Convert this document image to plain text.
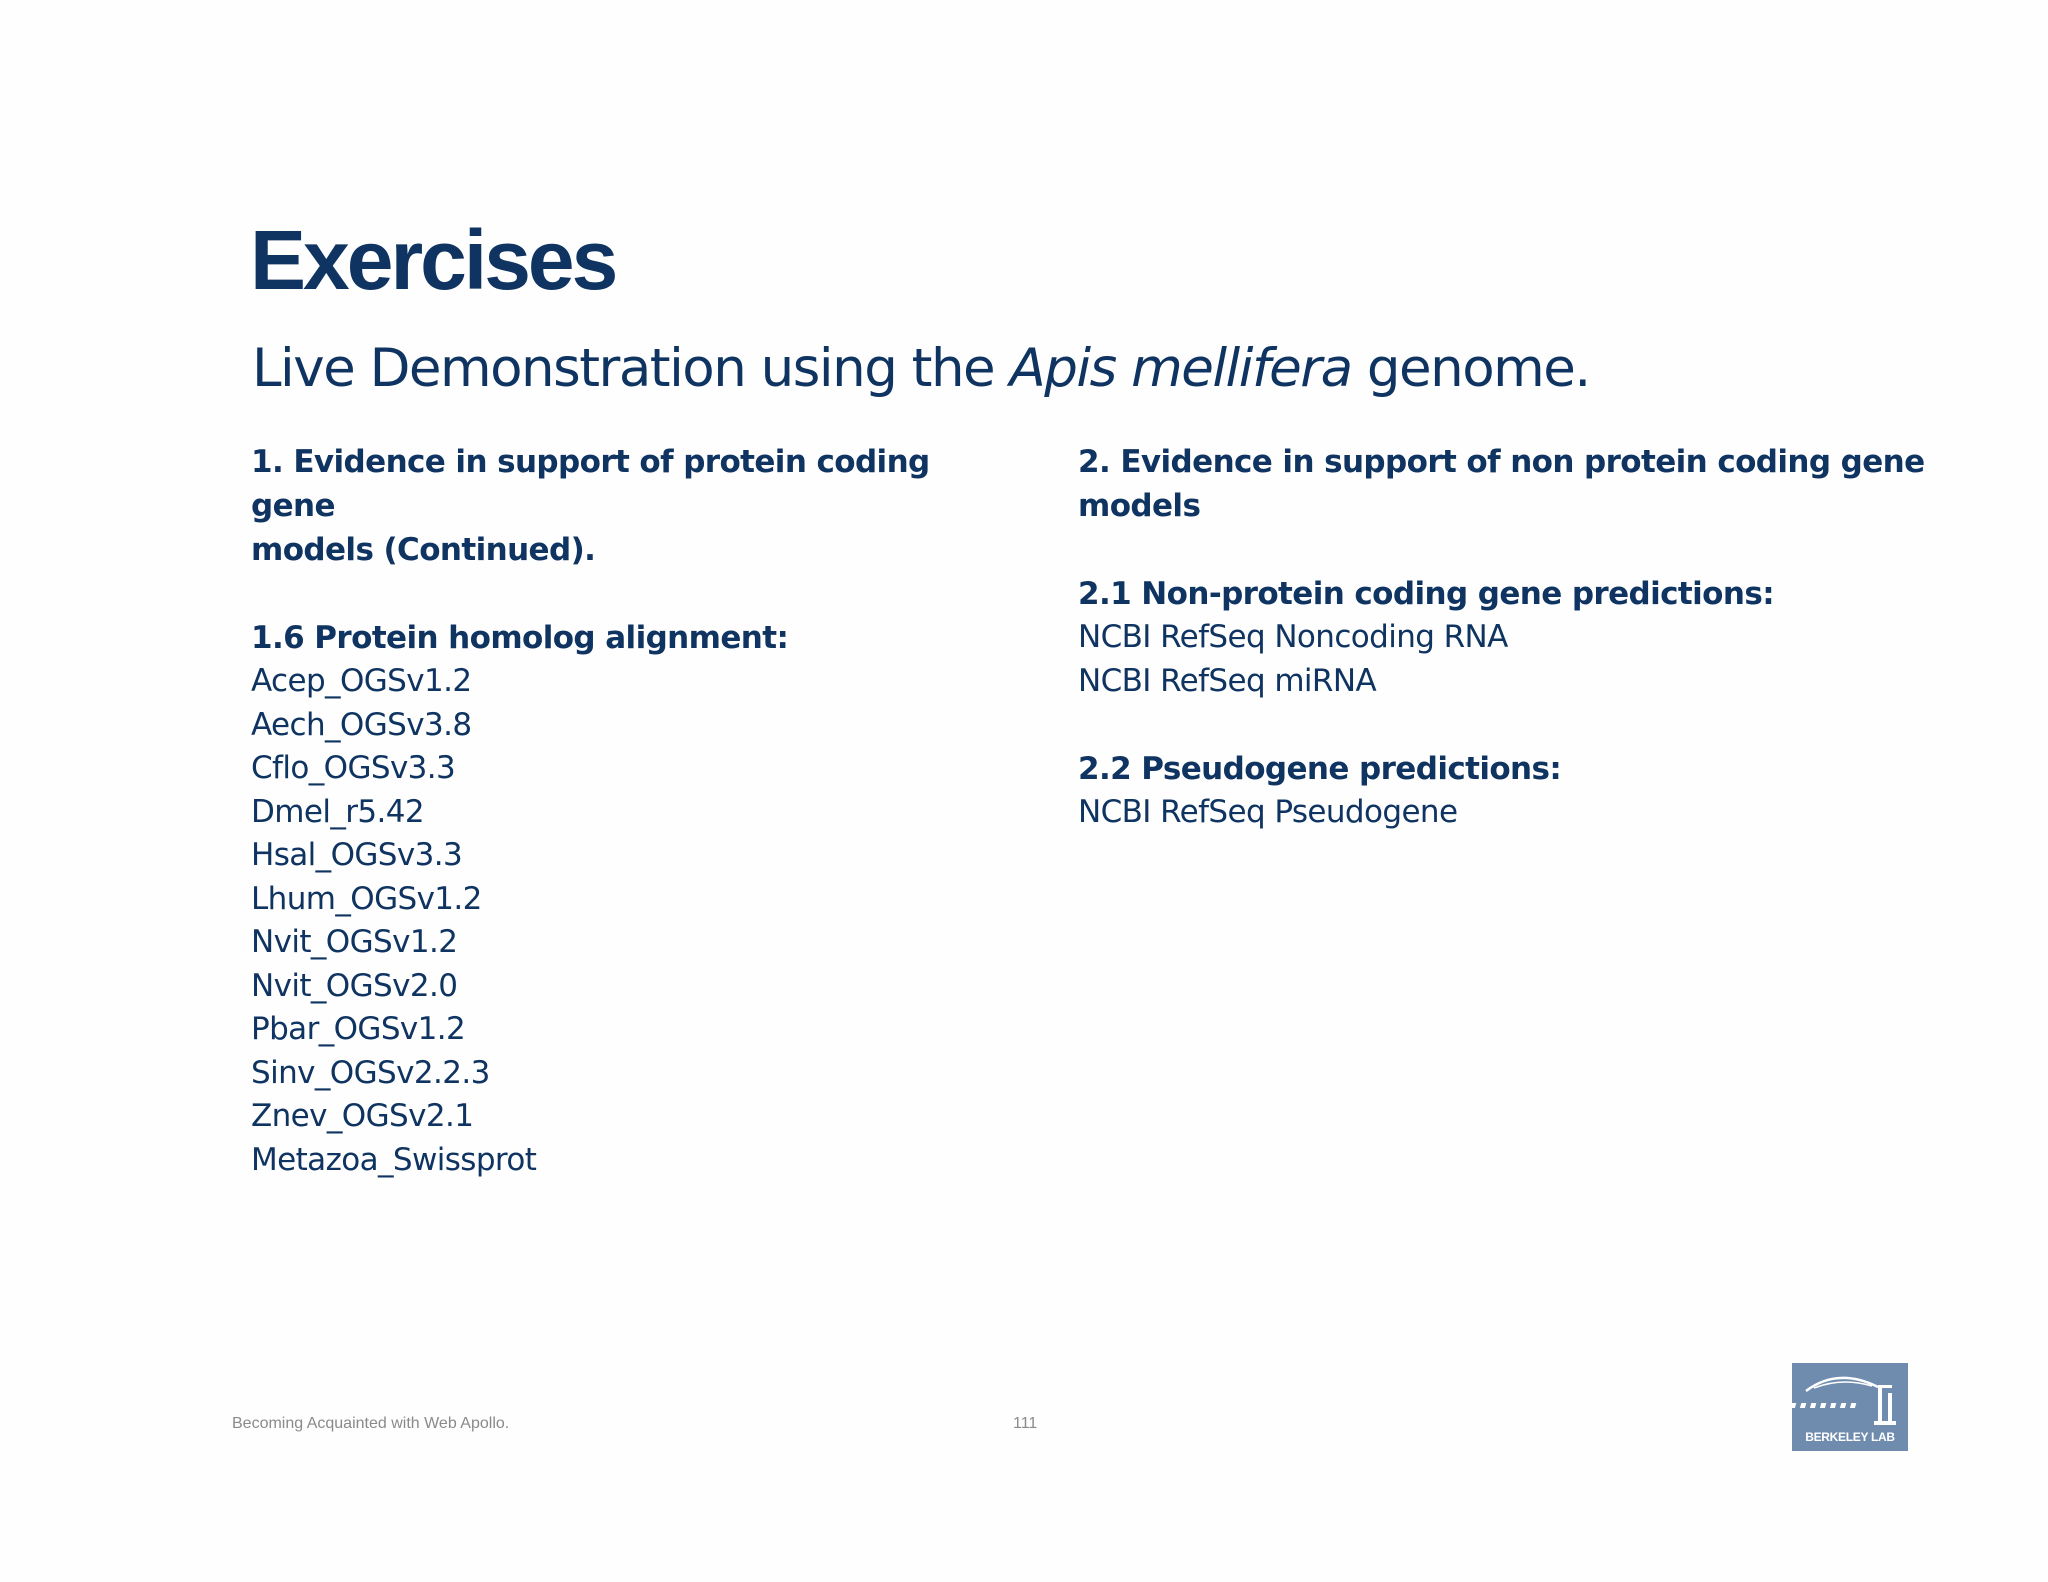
Exercises

Live Demonstration using the Apis mellifera genome.

1. Evidence in support of protein coding gene
models (Continued).

1.6 Protein homolog alignment:

Acep_OGSv1.2
Aech_OGSv3.8
Cflo_OGSv3.3
Dmel_r5.42
Hsal_OGSv3.3
Lhum_OGSv1.2
Nvit_OGSv1.2
Nvit_OGSv2.0
Pbar_OGSv1.2
Sinv_OGSv2.2.3
Znev_OGSv2.1
Metazoa_Swissprot

2. Evidence in support of non protein coding gene
models

2.1 Non-protein coding gene predictions:

NCBI RefSeq Noncoding RNA
NCBI RefSeq miRNA

2.2 Pseudogene predictions:

NCBI RefSeq Pseudogene
Becoming Acquainted with Web Apollo.	111
BERKELEY LAB
